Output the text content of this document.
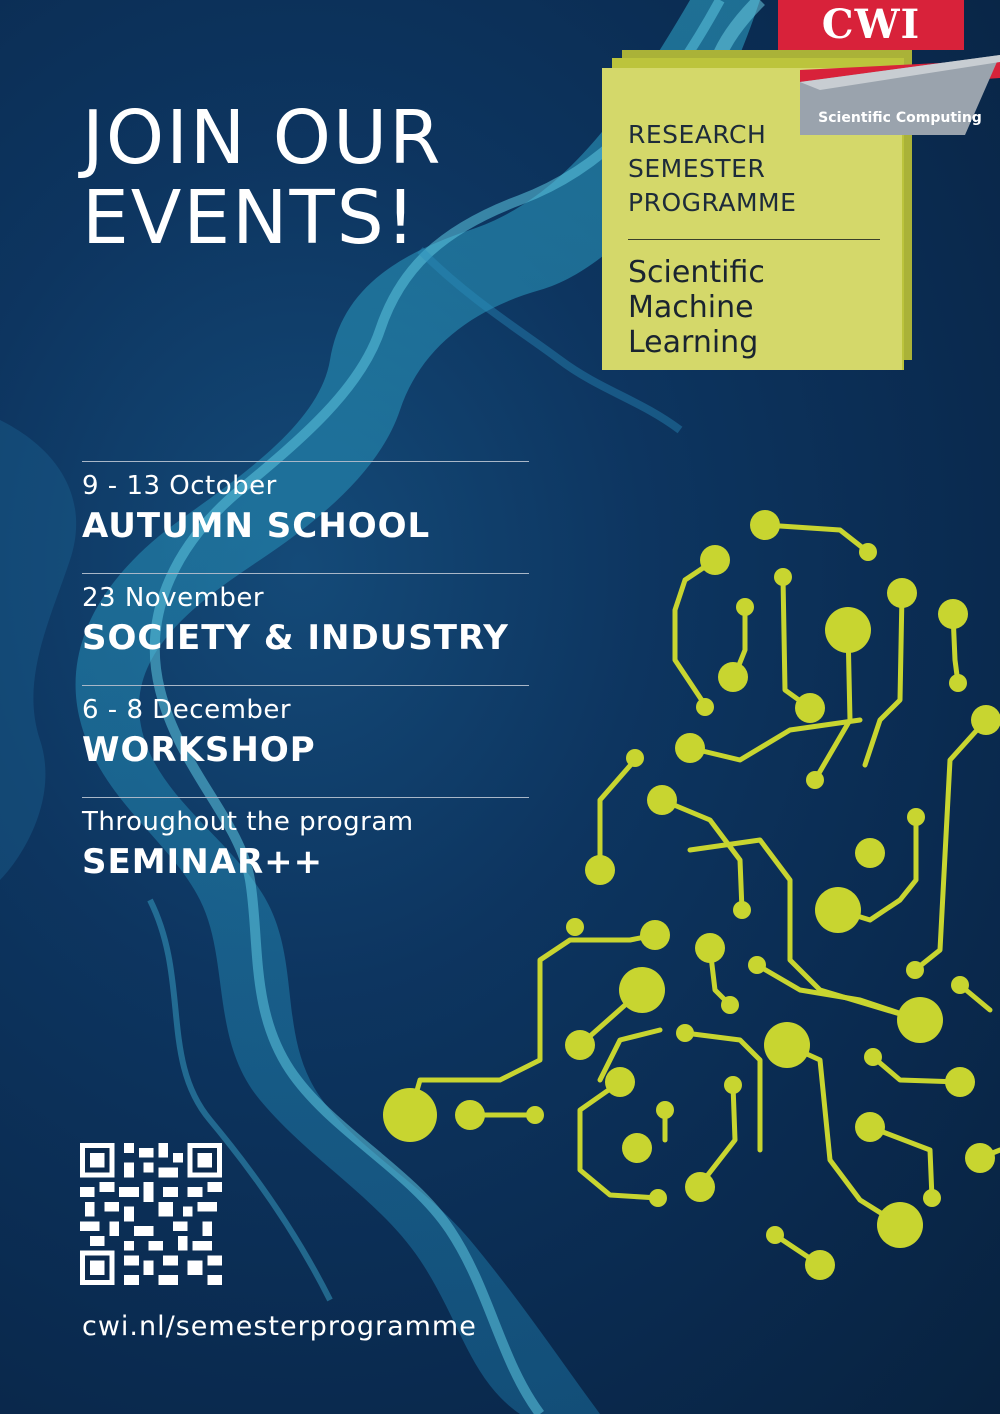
JOIN OUR
EVENTS!

RESEARCH
SEMESTER
PROGRAMME

Scientific
Machine
Learning

CWI
Scientific Computing
9 - 13 October
AUTUMN SCHOOL
23 November
SOCIETY & INDUSTRY
6 - 8 December
WORKSHOP
Throughout the program
SEMINAR++
cwi.nl/semesterprogramme
